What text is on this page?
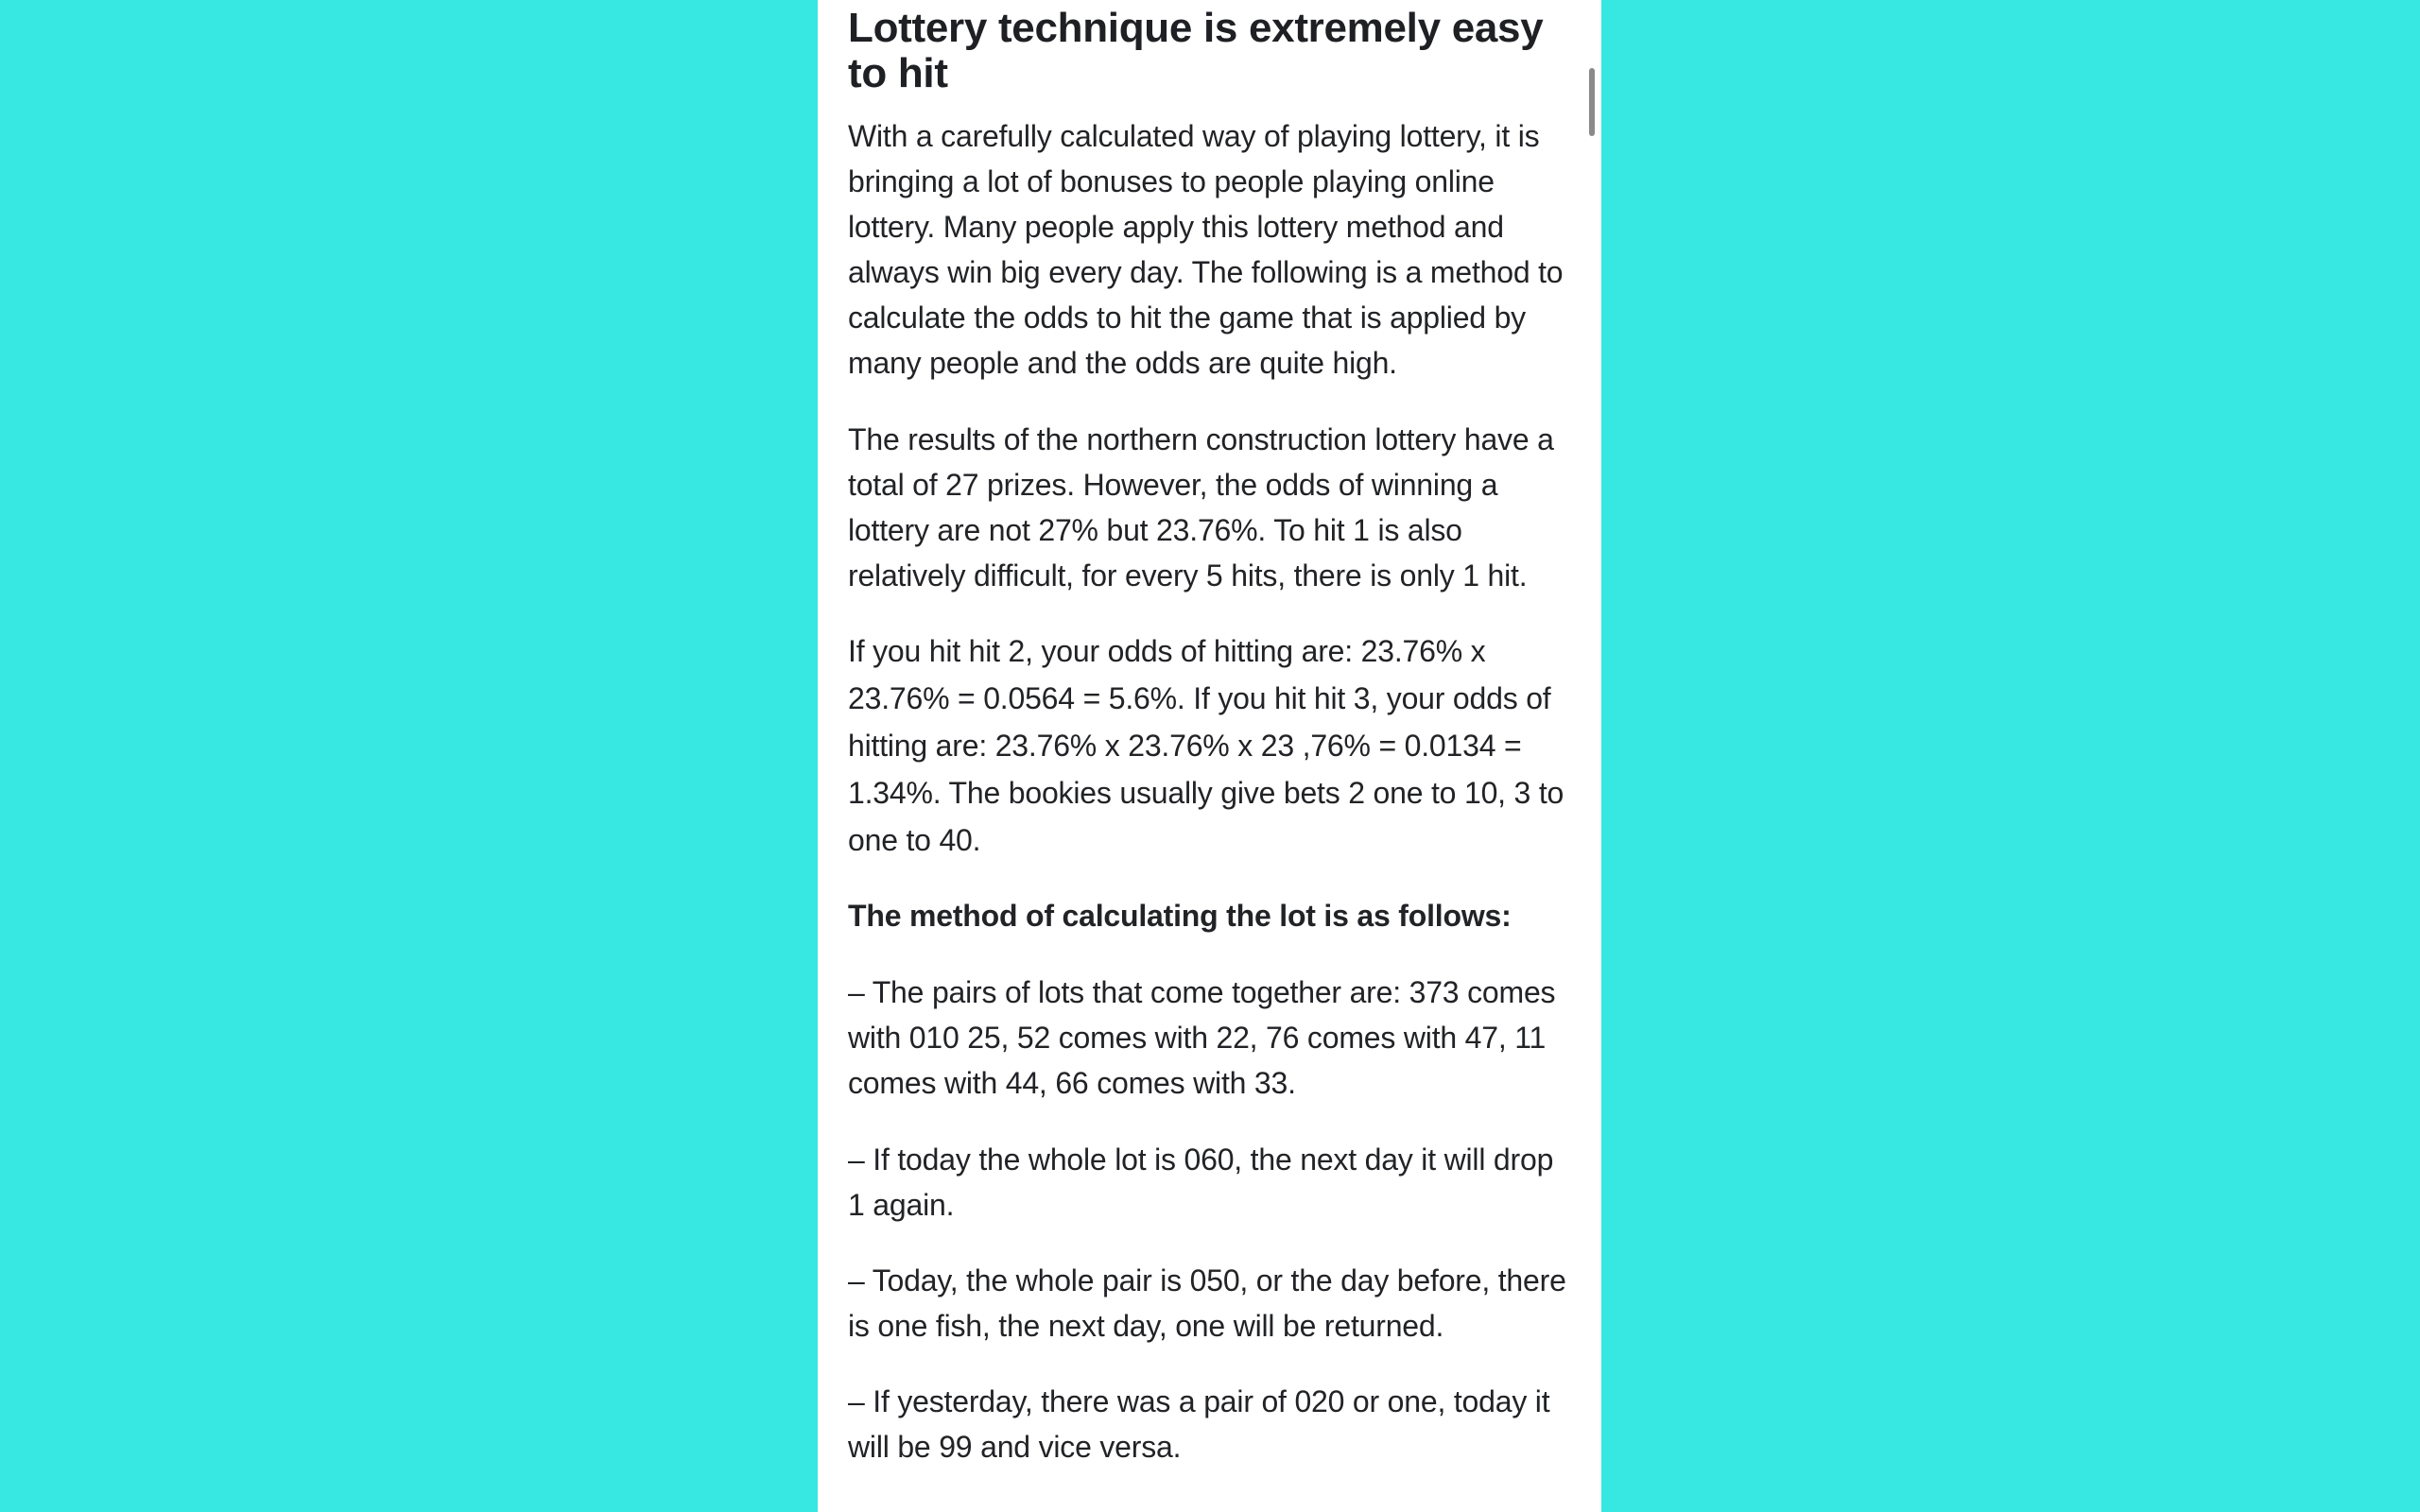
Lottery technique is extremely easy to hit

With a carefully calculated way of playing lottery, it is bringing a lot of bonuses to people playing online lottery. Many people apply this lottery method and always win big every day. The following is a method to calculate the odds to hit the game that is applied by many people and the odds are quite high.

The results of the northern construction lottery have a total of 27 prizes. However, the odds of winning a lottery are not 27% but 23.76%. To hit 1 is also relatively difficult, for every 5 hits, there is only 1 hit.

If you hit hit 2, your odds of hitting are: 23.76% x 23.76% = 0.0564 = 5.6%. If you hit hit 3, your odds of hitting are: 23.76% x 23.76% x 23 ,76% = 0.0134 = 1.34%. The bookies usually give bets 2 one to 10, 3 to one to 40.

The method of calculating the lot is as follows:

– The pairs of lots that come together are: 373 comes with 010 25, 52 comes with 22, 76 comes with 47, 11 comes with 44, 66 comes with 33.

– If today the whole lot is 060, the next day it will drop 1 again.

– Today, the whole pair is 050, or the day before, there is one fish, the next day, one will be returned.

– If yesterday, there was a pair of 020 or one, today it will be 99 and vice versa.
